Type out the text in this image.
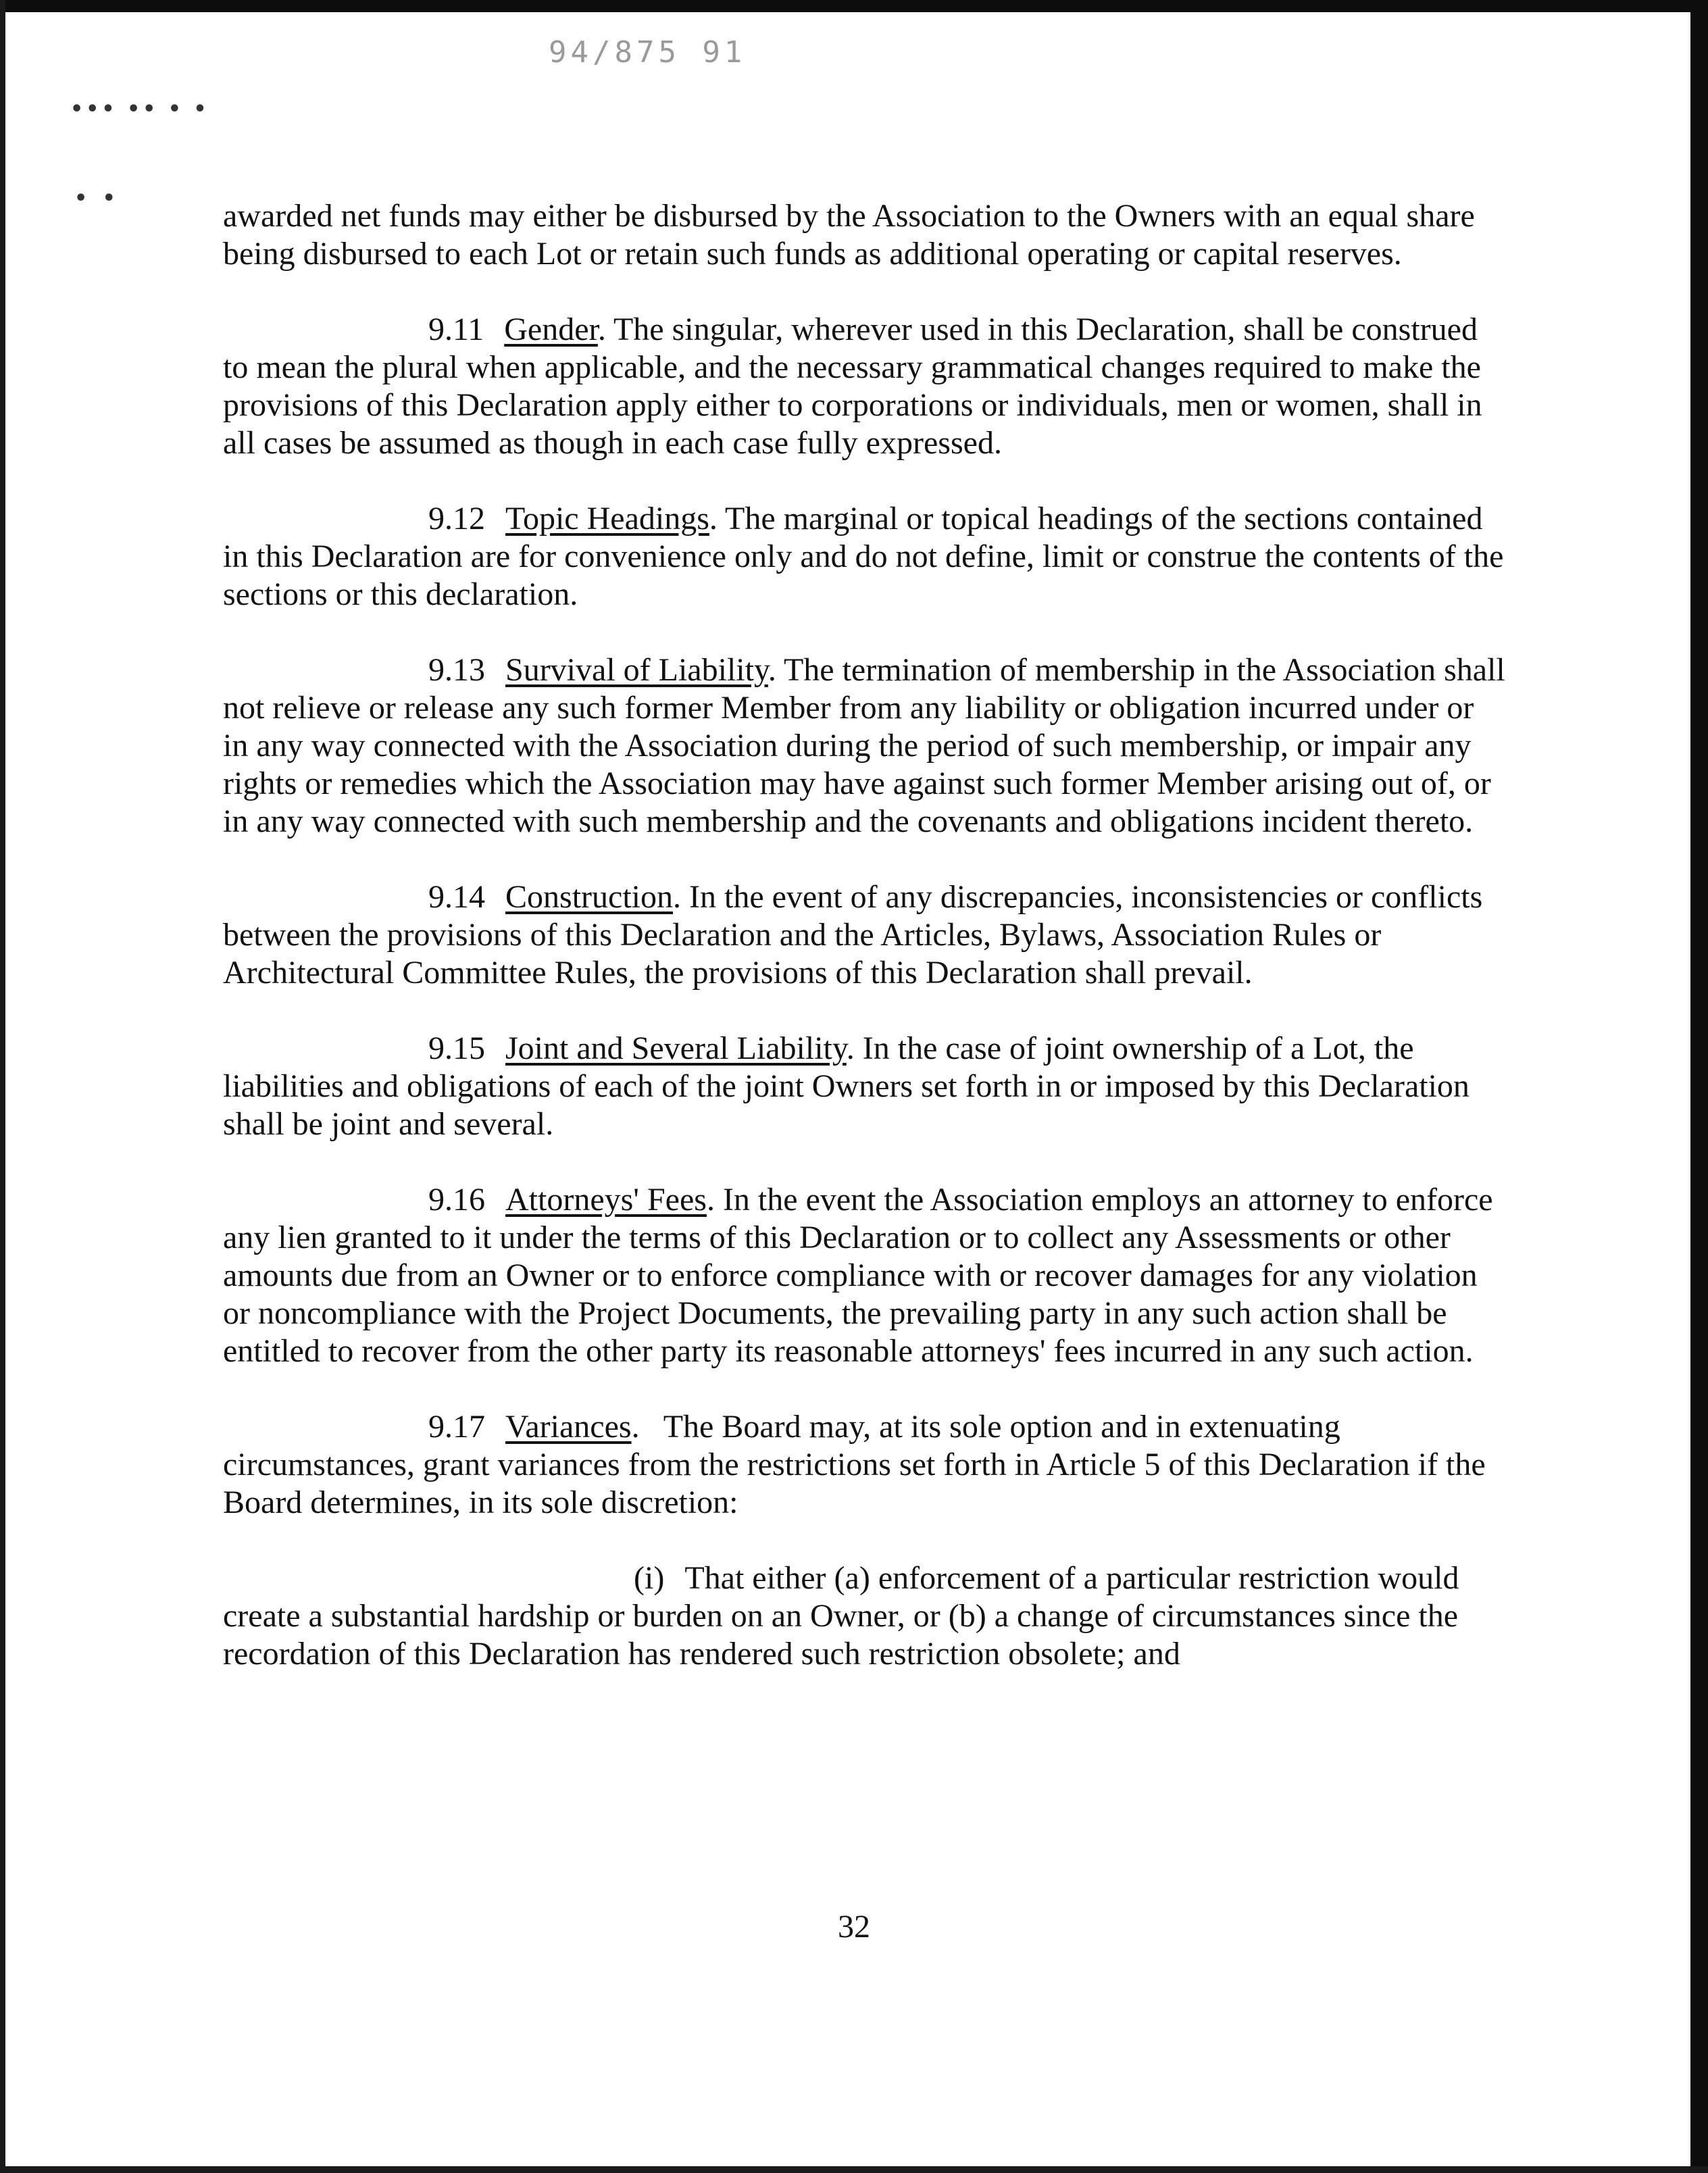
94/875 91
••• •• • •
• •	awarded net funds may either be disbursed by the Association to the Owners with an equal share being disbursed to each Lot or retain such funds as additional operating or capital reserves.

9.11 Gender. The singular, wherever used in this Declaration, shall be construed to mean the plural when applicable, and the necessary grammatical changes required to make the provisions of this Declaration apply either to corporations or individuals, men or women, shall in all cases be assumed as though in each case fully expressed.

9.12 Topic Headings. The marginal or topical headings of the sections contained in this Declaration are for convenience only and do not define, limit or construe the contents of the sections or this declaration.

9.13 Survival of Liability. The termination of membership in the Association shall not relieve or release any such former Member from any liability or obligation incurred under or in any way connected with the Association during the period of such membership, or impair any rights or remedies which the Association may have against such former Member arising out of, or in any way connected with such membership and the covenants and obligations incident thereto.

9.14 Construction. In the event of any discrepancies, inconsistencies or conflicts between the provisions of this Declaration and the Articles, Bylaws, Association Rules or Architectural Committee Rules, the provisions of this Declaration shall prevail.

9.15 Joint and Several Liability. In the case of joint ownership of a Lot, the liabilities and obligations of each of the joint Owners set forth in or imposed by this Declaration shall be joint and several.

9.16 Attorneys' Fees. In the event the Association employs an attorney to enforce any lien granted to it under the terms of this Declaration or to collect any Assessments or other amounts due from an Owner or to enforce compliance with or recover damages for any violation or noncompliance with the Project Documents, the prevailing party in any such action shall be entitled to recover from the other party its reasonable attorneys' fees incurred in any such action.

9.17 Variances.   The Board may, at its sole option and in extenuating circumstances, grant variances from the restrictions set forth in Article 5 of this Declaration if the Board determines, in its sole discretion:

(i) That either (a) enforcement of a particular restriction would create a substantial hardship or burden on an Owner, or (b) a change of circumstances since the recordation of this Declaration has rendered such restriction obsolete; and

32
